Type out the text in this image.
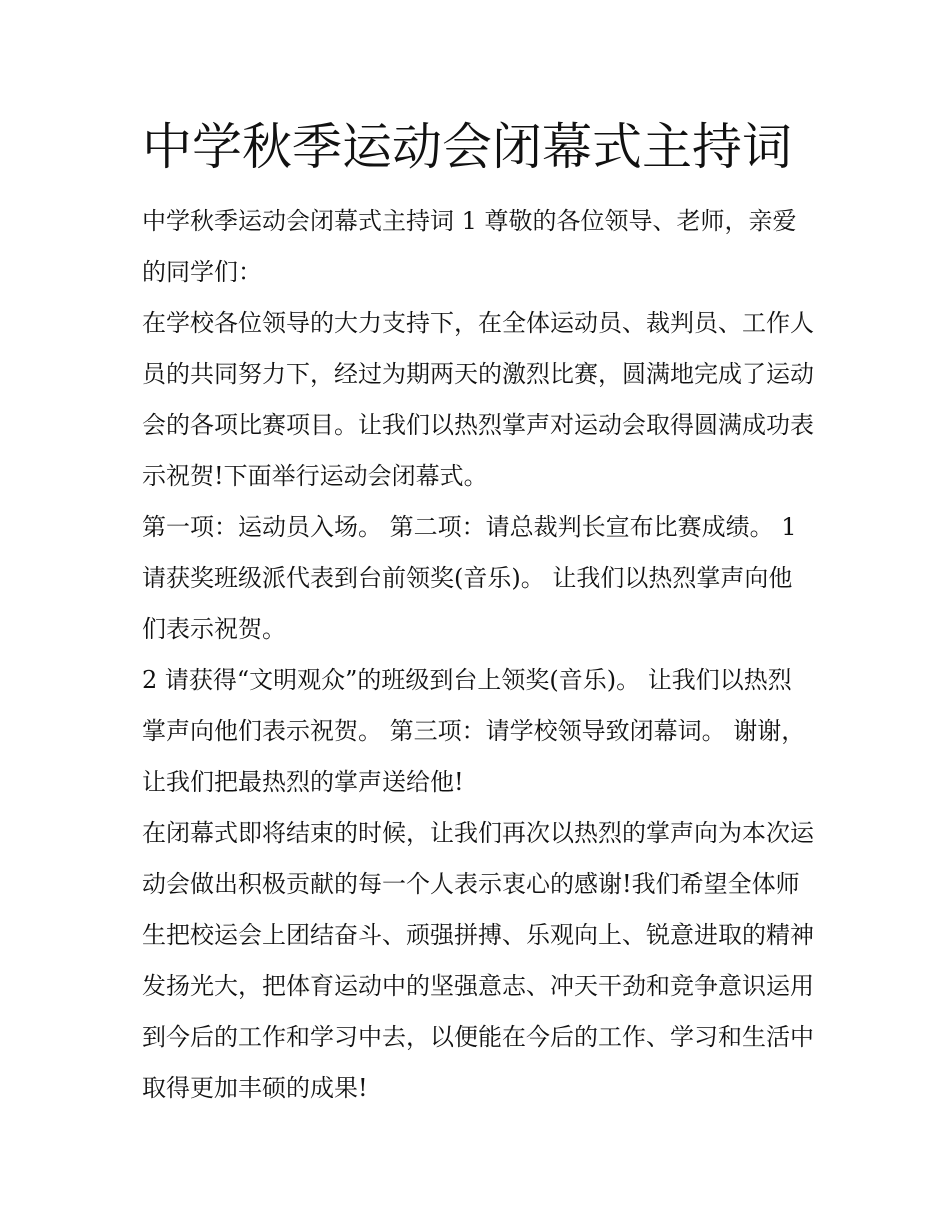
中学秋季运动会闭幕式主持词

中学秋季运动会闭幕式主持词 1 尊敬的各位领导、老师，亲爱的同学们：

在学校各位领导的大力支持下，在全体运动员、裁判员、工作人员的共同努力下，经过为期两天的激烈比赛，圆满地完成了运动会的各项比赛项目。让我们以热烈掌声对运动会取得圆满成功表示祝贺!下面举行运动会闭幕式。

第一项：运动员入场。 第二项：请总裁判长宣布比赛成绩。 1 请获奖班级派代表到台前领奖(音乐)。 让我们以热烈掌声向他们表示祝贺。

2 请获得“文明观众”的班级到台上领奖(音乐)。 让我们以热烈掌声向他们表示祝贺。 第三项：请学校领导致闭幕词。 谢谢，让我们把最热烈的掌声送给他!

在闭幕式即将结束的时候，让我们再次以热烈的掌声向为本次运动会做出积极贡献的每一个人表示衷心的感谢!我们希望全体师生把校运会上团结奋斗、顽强拼搏、乐观向上、锐意进取的精神发扬光大，把体育运动中的坚强意志、冲天干劲和竞争意识运用到今后的工作和学习中去，以便能在今后的工作、学习和生活中取得更加丰硕的成果!
